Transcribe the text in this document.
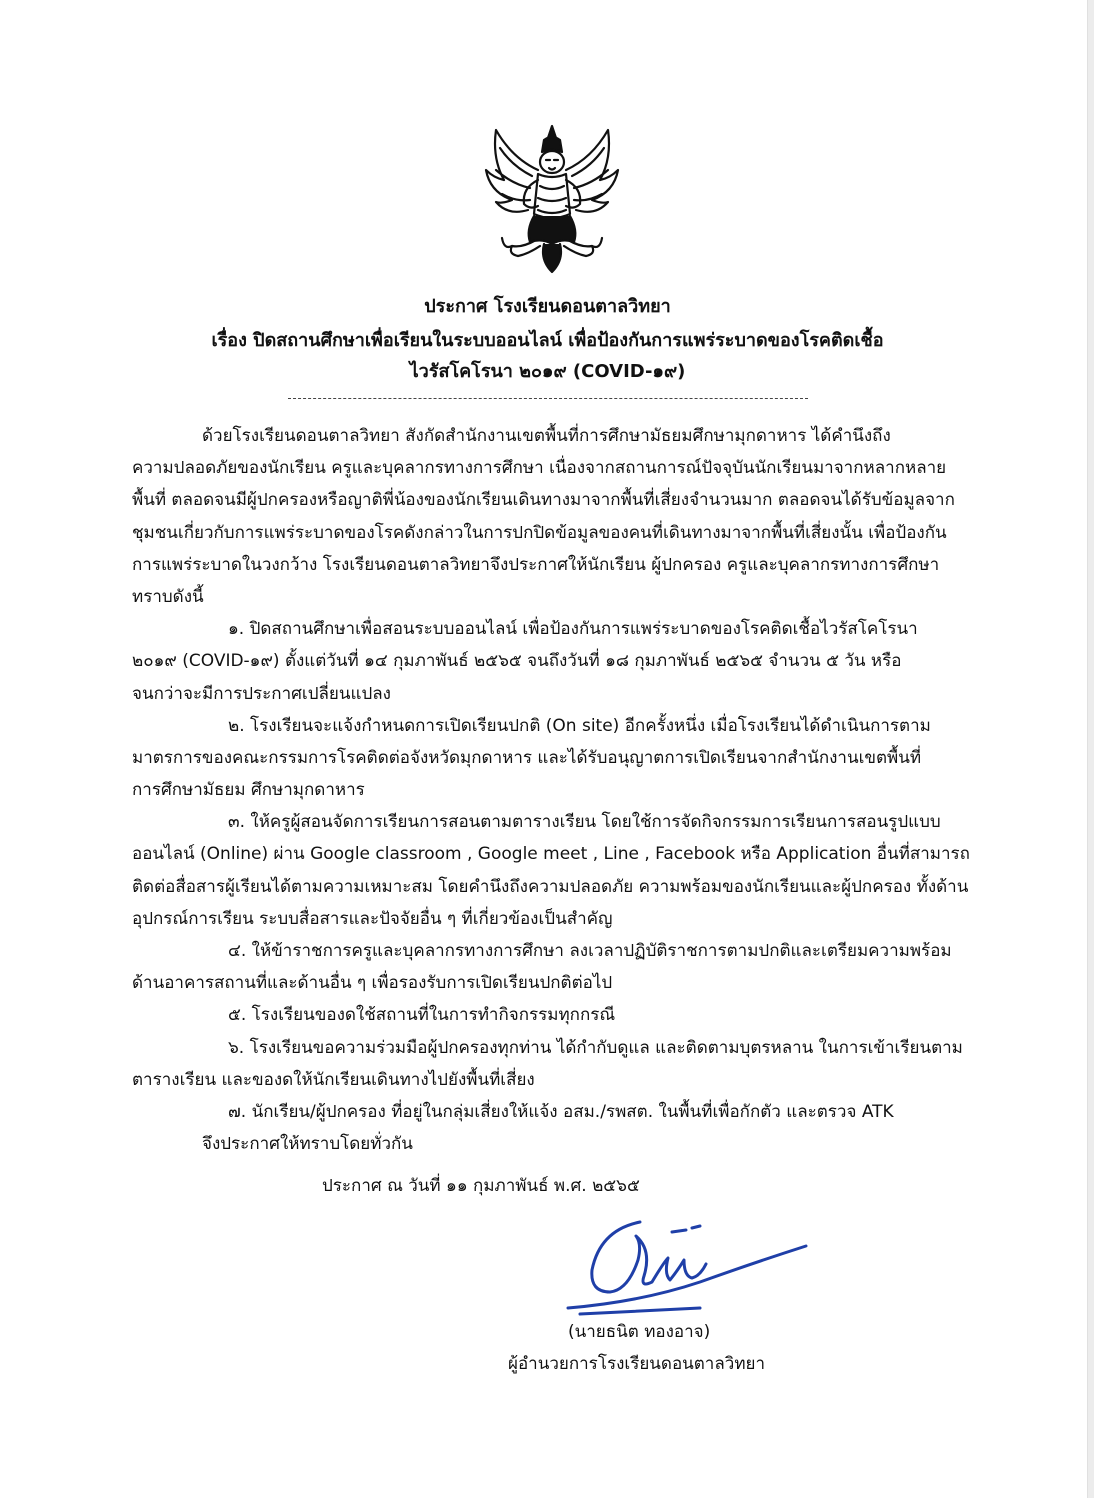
ประกาศ โรงเรียนดอนตาลวิทยา
เรื่อง ปิดสถานศึกษาเพื่อเรียนในระบบออนไลน์ เพื่อป้องกันการแพร่ระบาดของโรคติดเชื้อ
ไวรัสโคโรนา ๒๐๑๙ (COVID-๑๙)
ด้วยโรงเรียนดอนตาลวิทยา สังกัดสำนักงานเขตพื้นที่การศึกษามัธยมศึกษามุกดาหาร ได้คำนึงถึง
ความปลอดภัยของนักเรียน ครูและบุคลากรทางการศึกษา เนื่องจากสถานการณ์ปัจจุบันนักเรียนมาจากหลากหลาย
พื้นที่ ตลอดจนมีผู้ปกครองหรือญาติพี่น้องของนักเรียนเดินทางมาจากพื้นที่เสี่ยงจำนวนมาก ตลอดจนได้รับข้อมูลจาก
ชุมชนเกี่ยวกับการแพร่ระบาดของโรคดังกล่าวในการปกปิดข้อมูลของคนที่เดินทางมาจากพื้นที่เสี่ยงนั้น เพื่อป้องกัน
การแพร่ระบาดในวงกว้าง โรงเรียนดอนตาลวิทยาจึงประกาศให้นักเรียน ผู้ปกครอง ครูและบุคลากรทางการศึกษา
ทราบดังนี้
๑. ปิดสถานศึกษาเพื่อสอนระบบออนไลน์ เพื่อป้องกันการแพร่ระบาดของโรคติดเชื้อไวรัสโคโรนา
๒๐๑๙ (COVID-๑๙) ตั้งแต่วันที่ ๑๔ กุมภาพันธ์ ๒๕๖๕ จนถึงวันที่ ๑๘ กุมภาพันธ์ ๒๕๖๕ จำนวน ๕ วัน หรือ
จนกว่าจะมีการประกาศเปลี่ยนแปลง
๒. โรงเรียนจะแจ้งกำหนดการเปิดเรียนปกติ (On site) อีกครั้งหนึ่ง เมื่อโรงเรียนได้ดำเนินการตาม
มาตรการของคณะกรรมการโรคติดต่อจังหวัดมุกดาหาร และได้รับอนุญาตการเปิดเรียนจากสำนักงานเขตพื้นที่
การศึกษามัธยม ศึกษามุกดาหาร
๓. ให้ครูผู้สอนจัดการเรียนการสอนตามตารางเรียน โดยใช้การจัดกิจกรรมการเรียนการสอนรูปแบบ
ออนไลน์ (Online) ผ่าน Google classroom , Google meet , Line , Facebook หรือ Application อื่นที่สามารถ
ติดต่อสื่อสารผู้เรียนได้ตามความเหมาะสม โดยคำนึงถึงความปลอดภัย ความพร้อมของนักเรียนและผู้ปกครอง ทั้งด้าน
อุปกรณ์การเรียน ระบบสื่อสารและปัจจัยอื่น ๆ ที่เกี่ยวข้องเป็นสำคัญ
๔. ให้ข้าราชการครูและบุคลากรทางการศึกษา ลงเวลาปฏิบัติราชการตามปกติและเตรียมความพร้อม
ด้านอาคารสถานที่และด้านอื่น ๆ เพื่อรองรับการเปิดเรียนปกติต่อไป
๕. โรงเรียนของดใช้สถานที่ในการทำกิจกรรมทุกกรณี
๖. โรงเรียนขอความร่วมมือผู้ปกครองทุกท่าน ได้กำกับดูแล และติดตามบุตรหลาน ในการเข้าเรียนตาม
ตารางเรียน และของดให้นักเรียนเดินทางไปยังพื้นที่เสี่ยง
๗. นักเรียน/ผู้ปกครอง ที่อยู่ในกลุ่มเสี่ยงให้แจ้ง อสม./รพสต. ในพื้นที่เพื่อกักตัว และตรวจ ATK
จึงประกาศให้ทราบโดยทั่วกัน
ประกาศ ณ วันที่ ๑๑ กุมภาพันธ์ พ.ศ. ๒๕๖๕
(นายธนิต ทองอาจ)
ผู้อำนวยการโรงเรียนดอนตาลวิทยา
